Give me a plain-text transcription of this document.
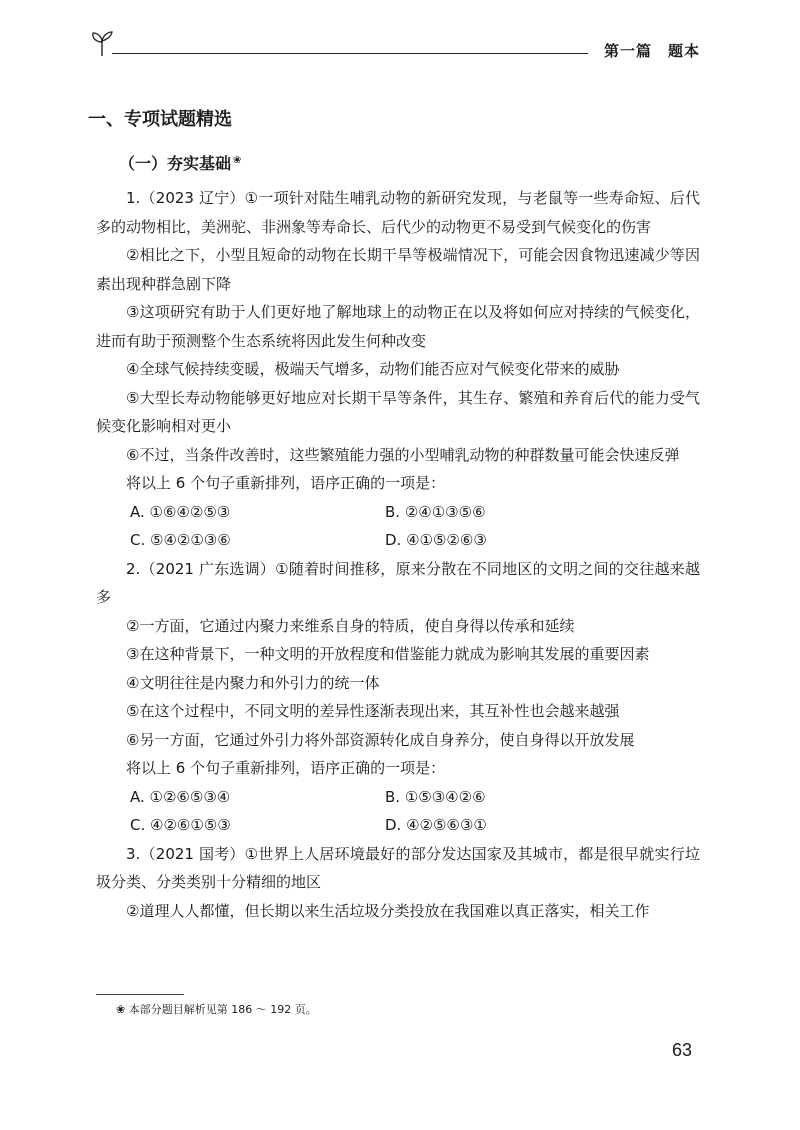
第一篇　题本
一、专项试题精选
（一）夯实基础 ❀

1.（2023 辽宁）①一项针对陆生哺乳动物的新研究发现，与老鼠等一些寿命短、后代多的动物相比，美洲驼、非洲象等寿命长、后代少的动物更不易受到气候变化的伤害

②相比之下，小型且短命的动物在长期干旱等极端情况下，可能会因食物迅速减少等因素出现种群急剧下降

③这项研究有助于人们更好地了解地球上的动物正在以及将如何应对持续的气候变化，进而有助于预测整个生态系统将因此发生何种改变

④全球气候持续变暖，极端天气增多，动物们能否应对气候变化带来的威胁

⑤大型长寿动物能够更好地应对长期干旱等条件，其生存、繁殖和养育后代的能力受气候变化影响相对更小

⑥不过，当条件改善时，这些繁殖能力强的小型哺乳动物的种群数量可能会快速反弹

将以上 6 个句子重新排列，语序正确的一项是：

A. ①⑥④②⑤③	B. ②④①③⑤⑥
C. ⑤④②①③⑥	D. ④①⑤②⑥③

2.（2021 广东选调）①随着时间推移，原来分散在不同地区的文明之间的交往越来越多

②一方面，它通过内聚力来维系自身的特质，使自身得以传承和延续

③在这种背景下，一种文明的开放程度和借鉴能力就成为影响其发展的重要因素

④文明往往是内聚力和外引力的统一体

⑤在这个过程中，不同文明的差异性逐渐表现出来，其互补性也会越来越强

⑥另一方面，它通过外引力将外部资源转化成自身养分，使自身得以开放发展

将以上 6 个句子重新排列，语序正确的一项是：

A. ①②⑥⑤③④	B. ①⑤③④②⑥
C. ④②⑥①⑤③	D. ④②⑤⑥③①

3.（2021 国考）①世界上人居环境最好的部分发达国家及其城市，都是很早就实行垃圾分类、分类类别十分精细的地区

②道理人人都懂，但长期以来生活垃圾分类投放在我国难以真正落实，相关工作

❀ 本部分题目解析见第 186 ～ 192 页。
63
